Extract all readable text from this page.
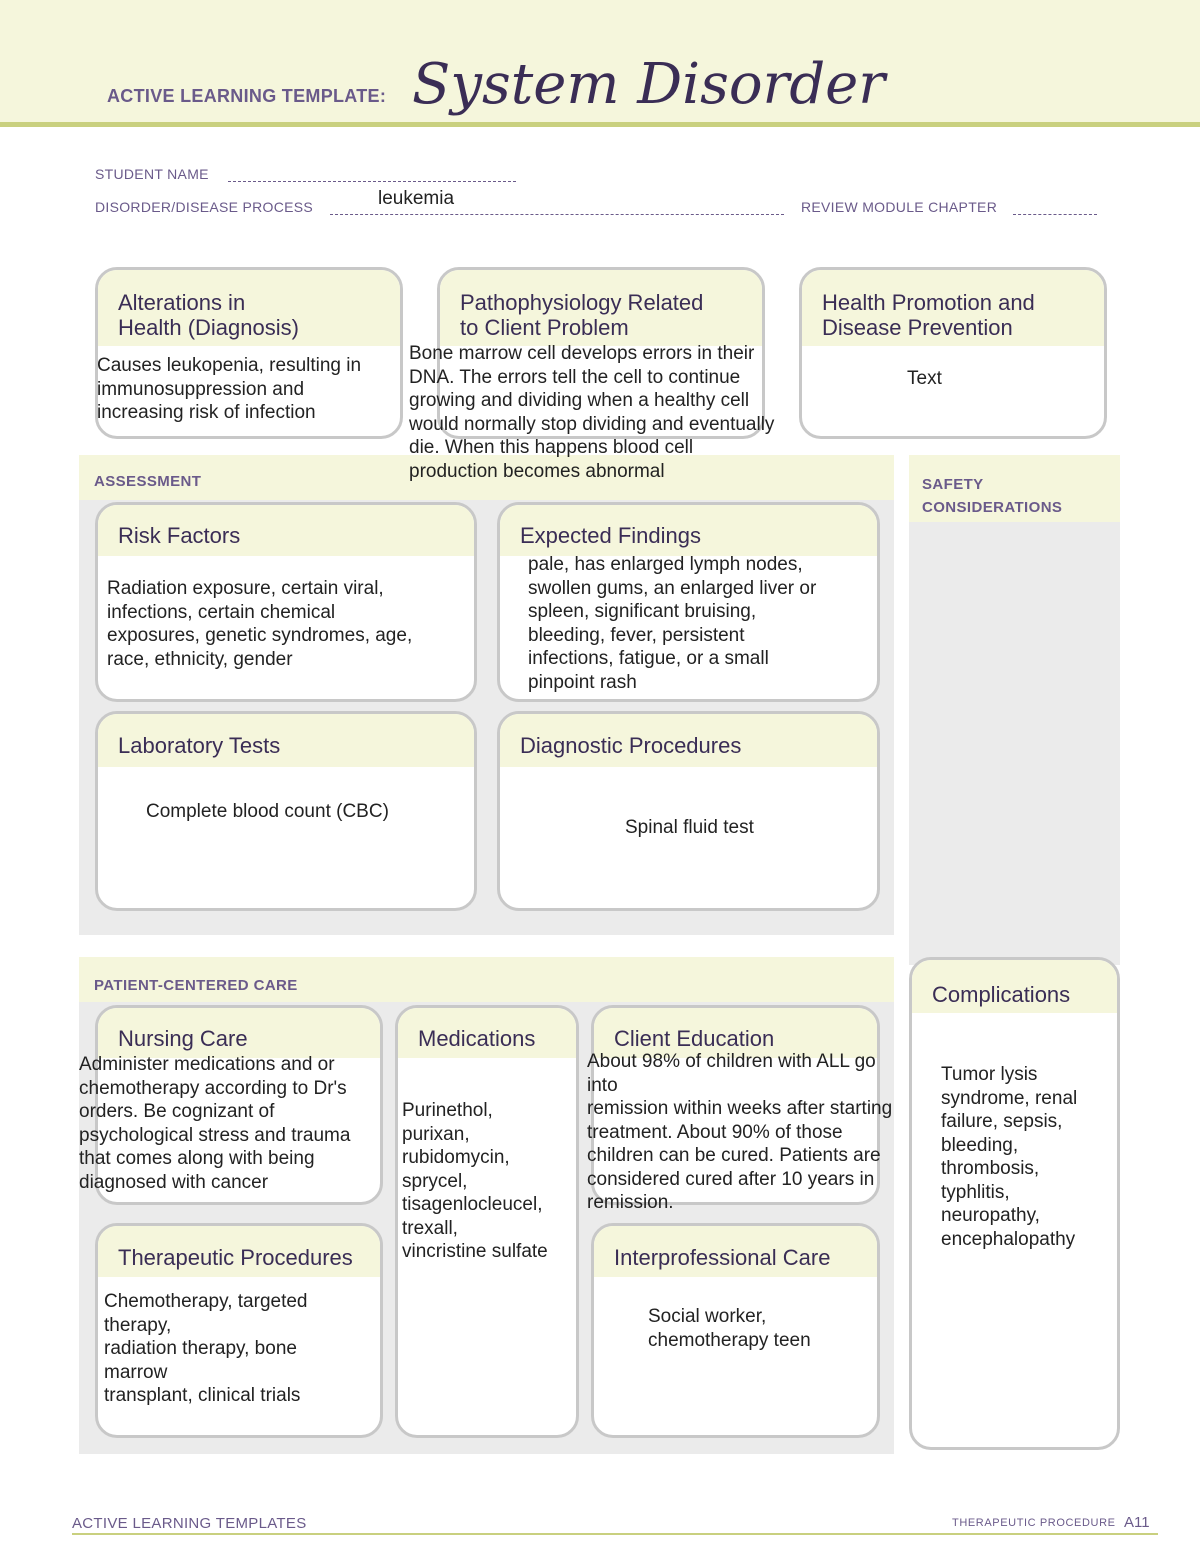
ACTIVE LEARNING TEMPLATE: System Disorder
STUDENT NAME
DISORDER/DISEASE PROCESS	leukemia	REVIEW MODULE CHAPTER
Alterations in
Health (Diagnosis)
Pathophysiology Related
to Client Problem
Health Promotion and
Disease Prevention
ASSESSMENT
Risk Factors	Expected Findings
Laboratory Tests	Diagnostic Procedures
SAFETY
CONSIDERATIONS
PATIENT-CENTERED CARE
Nursing Care	Medications	Client Education
Therapeutic Procedures	Interprofessional Care
Complications
Causes leukopenia, resulting in
immunosuppression and
increasing risk of infection
Bone marrow cell develops errors in their
DNA. The errors tell the cell to continue
growing and dividing when a healthy cell
would normally stop dividing and eventually
die. When this happens blood cell
production becomes abnormal
Text
Radiation exposure, certain viral,
infections, certain chemical
exposures, genetic syndromes, age,
race, ethnicity, gender
pale, has enlarged lymph nodes,
swollen gums, an enlarged liver or
spleen, significant bruising,
bleeding, fever, persistent
infections, fatigue, or a small
pinpoint rash
Complete blood count (CBC)
Spinal fluid test
Administer medications and or
chemotherapy according to Dr's
orders. Be cognizant of
psychological stress and trauma
that comes along with being
diagnosed with cancer
Purinethol,
purixan,
rubidomycin,
sprycel,
tisagenlocleucel,
trexall,
vincristine sulfate
About 98% of children with ALL go
into
remission within weeks after starting
treatment. About 90% of those
children can be cured. Patients are
considered cured after 10 years in
remission.
Chemotherapy, targeted
therapy,
radiation therapy, bone
marrow
transplant, clinical trials
Social worker,
chemotherapy teen
Tumor lysis
syndrome, renal
failure, sepsis,
bleeding,
thrombosis,
typhlitis,
neuropathy,
encephalopathy
ACTIVE LEARNING TEMPLATES	THERAPEUTIC PROCEDURE A11
